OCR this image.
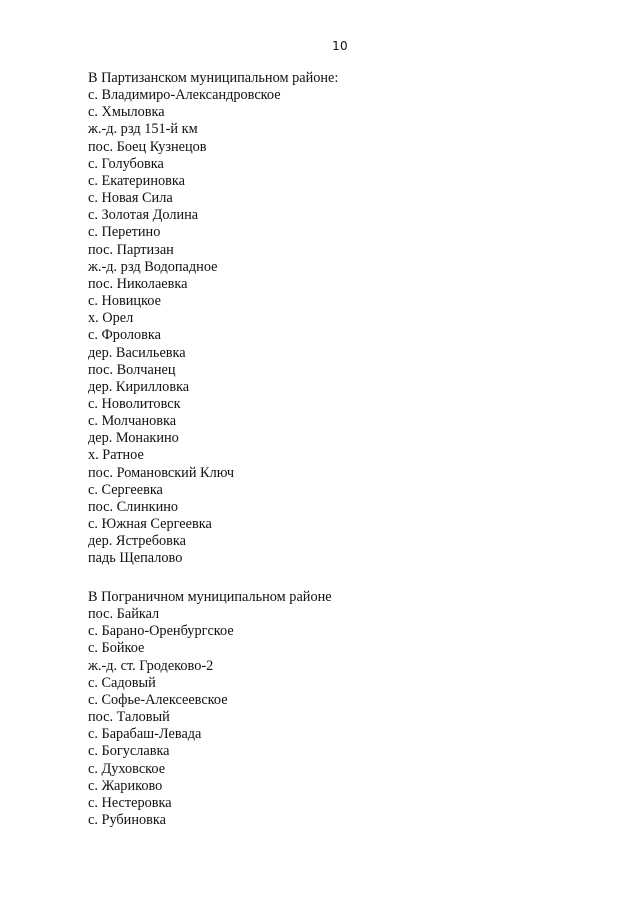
10
В Партизанском муниципальном районе:
с. Владимиро-Александровское
с. Хмыловка
ж.-д. рзд 151-й км
пос. Боец Кузнецов
с. Голубовка
с. Екатериновка
с. Новая Сила
с. Золотая Долина
с. Перетино
пос. Партизан
ж.-д. рзд Водопадное
пос. Николаевка
с. Новицкое
х. Орел
с. Фроловка
дер. Васильевка
пос. Волчанец
дер. Кирилловка
с. Новолитовск
с. Молчановка
дер. Монакино
х. Ратное
пос. Романовский Ключ
с. Сергеевка
пос. Слинкино
с. Южная Сергеевка
дер. Ястребовка
падь Щепалово
В Пограничном муниципальном районе
пос. Байкал
с. Барано-Оренбургское
с. Бойкое
ж.-д. ст. Гродеково-2
с. Садовый
с. Софье-Алексеевское
пос. Таловый
с. Барабаш-Левада
с. Богуславка
с. Духовское
с. Жариково
с. Нестеровка
с. Рубиновка
